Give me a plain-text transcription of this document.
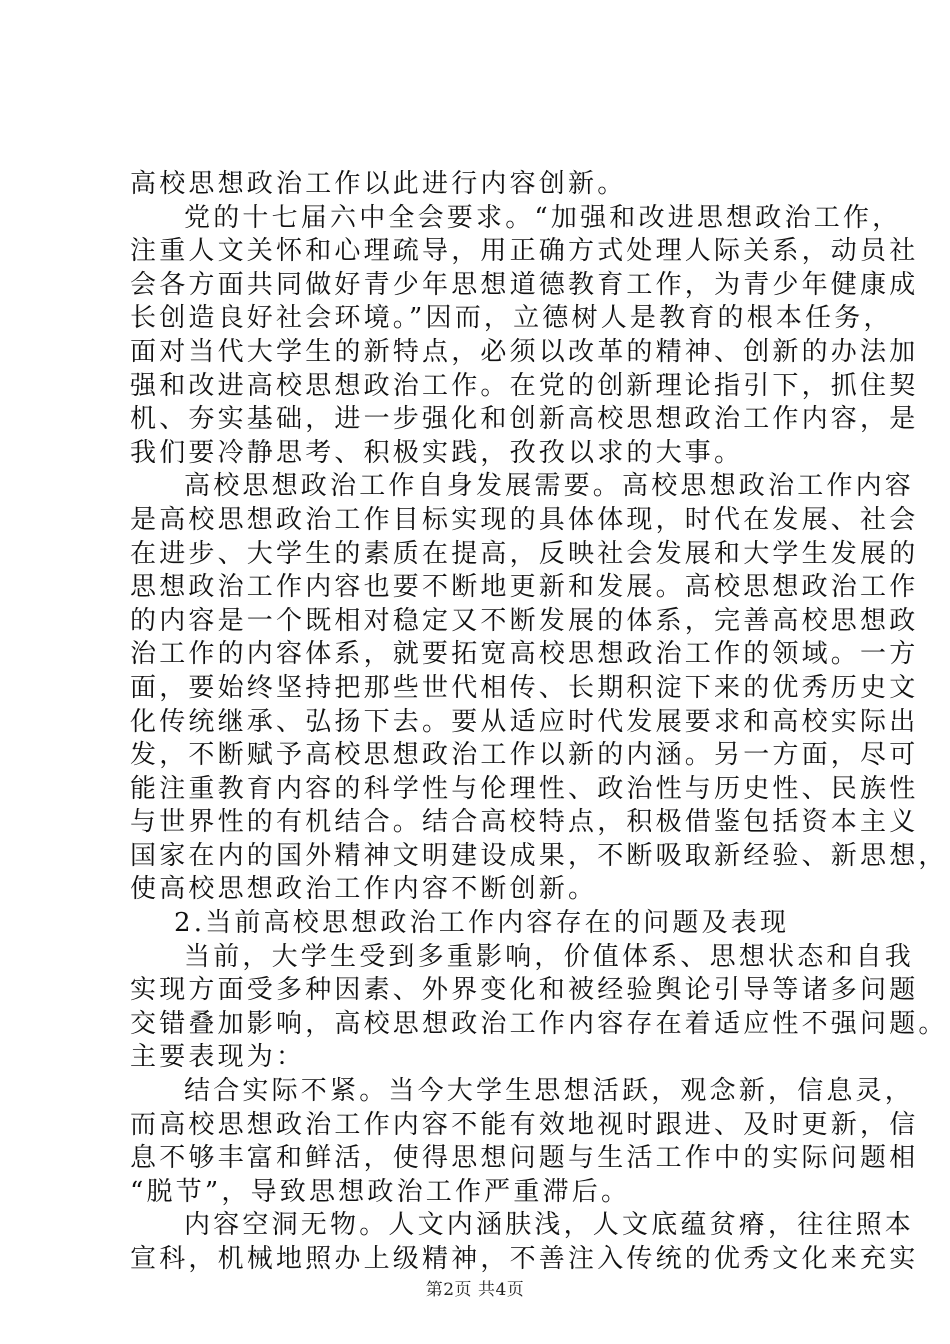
高校思想政治工作以此进行内容创新。
党的十七届六中全会要求。“加强和改进思想政治工作，
注重人文关怀和心理疏导，用正确方式处理人际关系，动员社
会各方面共同做好青少年思想道德教育工作，为青少年健康成
长创造良好社会环境。”因而，立德树人是教育的根本任务，
面对当代大学生的新特点，必须以改革的精神、创新的办法加
强和改进高校思想政治工作。在党的创新理论指引下，抓住契
机、夯实基础，进一步强化和创新高校思想政治工作内容，是
我们要冷静思考、积极实践，孜孜以求的大事。
高校思想政治工作自身发展需要。高校思想政治工作内容
是高校思想政治工作目标实现的具体体现，时代在发展、社会
在进步、大学生的素质在提高，反映社会发展和大学生发展的
思想政治工作内容也要不断地更新和发展。高校思想政治工作
的内容是一个既相对稳定又不断发展的体系，完善高校思想政
治工作的内容体系，就要拓宽高校思想政治工作的领域。一方
面，要始终坚持把那些世代相传、长期积淀下来的优秀历史文
化传统继承、弘扬下去。要从适应时代发展要求和高校实际出
发，不断赋予高校思想政治工作以新的内涵。另一方面，尽可
能注重教育内容的科学性与伦理性、政治性与历史性、民族性
与世界性的有机结合。结合高校特点，积极借鉴包括资本主义
国家在内的国外精神文明建设成果，不断吸取新经验、新思想，
使高校思想政治工作内容不断创新。
2.当前高校思想政治工作内容存在的问题及表现
当前，大学生受到多重影响，价值体系、思想状态和自我
实现方面受多种因素、外界变化和被经验舆论引导等诸多问题
交错叠加影响，高校思想政治工作内容存在着适应性不强问题。
主要表现为：
结合实际不紧。当今大学生思想活跃，观念新，信息灵，
而高校思想政治工作内容不能有效地视时跟进、及时更新，信
息不够丰富和鲜活，使得思想问题与生活工作中的实际问题相
“脱节”，导致思想政治工作严重滞后。
内容空洞无物。人文内涵肤浅，人文底蕴贫瘠，往往照本
宣科，机械地照办上级精神，不善注入传统的优秀文化来充实
第2页 共4页
